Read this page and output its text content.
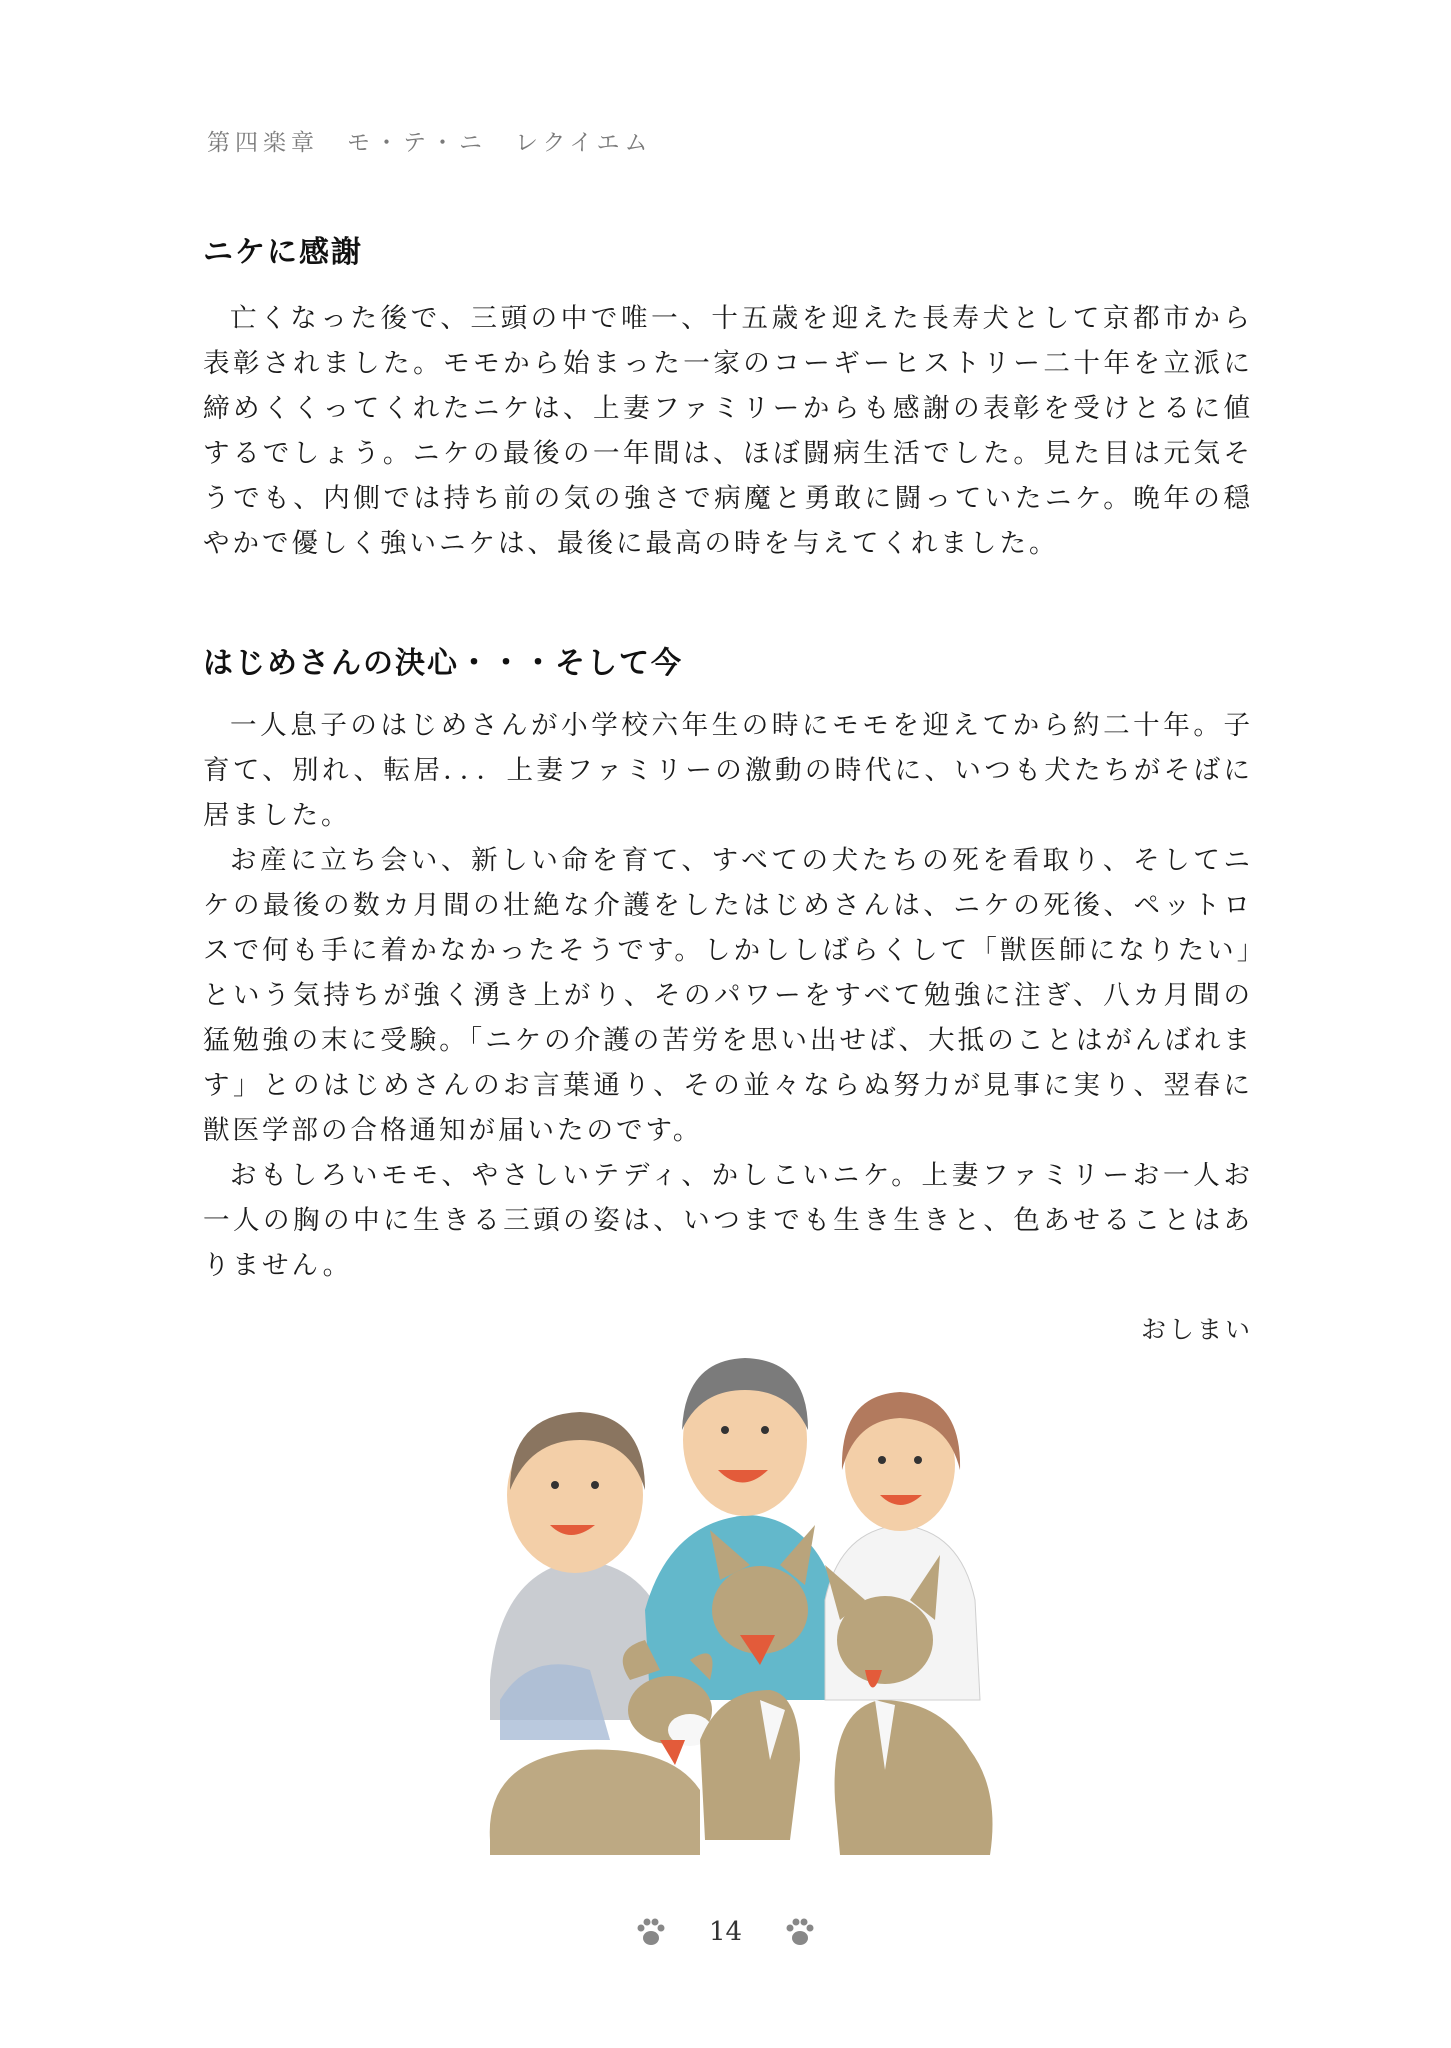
第四楽章　モ・テ・ニ　レクイエム
ニケに感謝

亡くなった後で、三頭の中で唯一、十五歳を迎えた長寿犬として京都市から表彰されました。モモから始まった一家のコーギーヒストリー二十年を立派に締めくくってくれたニケは、上妻ファミリーからも感謝の表彰を受けとるに値するでしょう。ニケの最後の一年間は、ほぼ闘病生活でした。見た目は元気そうでも、内側では持ち前の気の強さで病魔と勇敢に闘っていたニケ。晩年の穏やかで優しく強いニケは、最後に最高の時を与えてくれました。

はじめさんの決心・・・そして今

一人息子のはじめさんが小学校六年生の時にモモを迎えてから約二十年。子育て、別れ、転居．．．上妻ファミリーの激動の時代に、いつも犬たちがそばに居ました。

お産に立ち会い、新しい命を育て、すべての犬たちの死を看取り、そしてニケの最後の数カ月間の壮絶な介護をしたはじめさんは、ニケの死後、ペットロスで何も手に着かなかったそうです。しかししばらくして「獣医師になりたい」という気持ちが強く湧き上がり、そのパワーをすべて勉強に注ぎ、八カ月間の猛勉強の末に受験。「ニケの介護の苦労を思い出せば、大抵のことはがんばれます」とのはじめさんのお言葉通り、その並々ならぬ努力が見事に実り、翌春に獣医学部の合格通知が届いたのです。

おもしろいモモ、やさしいテディ、かしこいニケ。上妻ファミリーお一人お一人の胸の中に生きる三頭の姿は、いつまでも生き生きと、色あせることはありません。

おしまい
14
